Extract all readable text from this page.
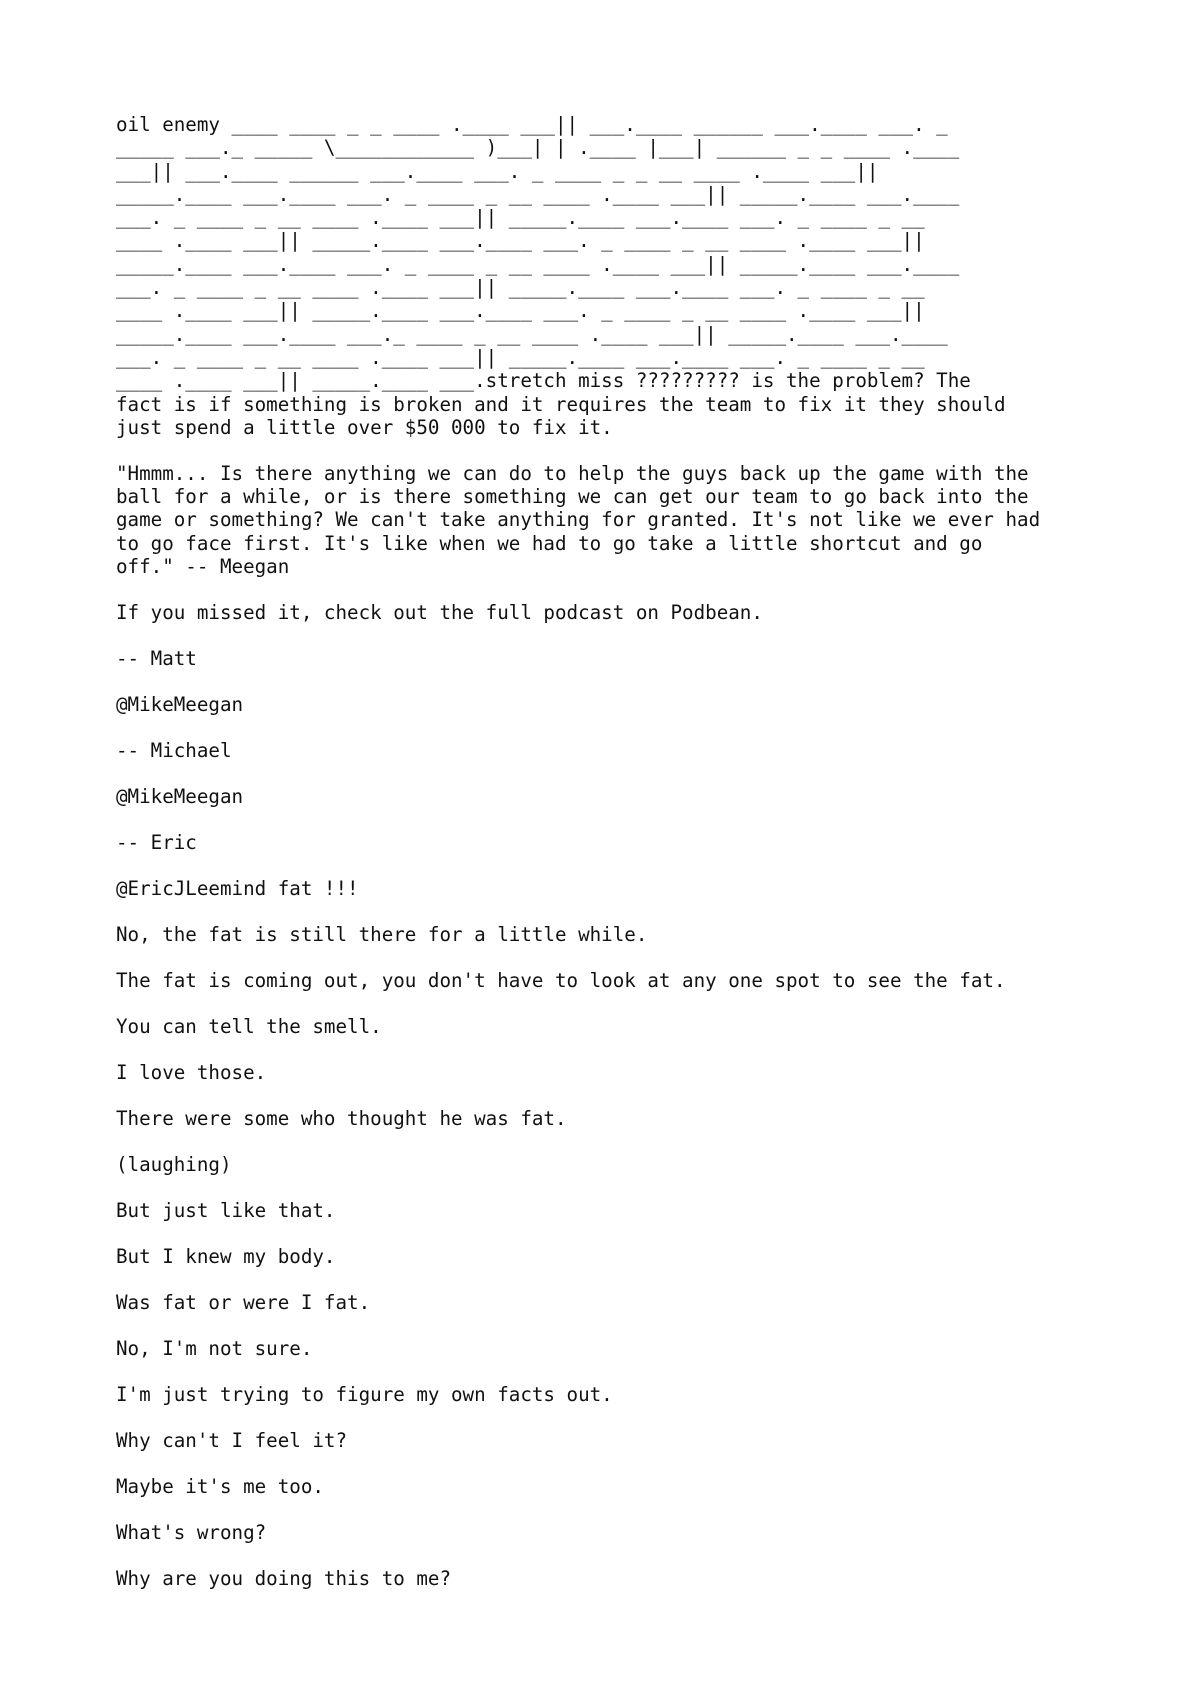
oil enemy ____ ____ _ _ ____ .____ ___|| ___.____ ______ ___.____ ___. _
_____ ___._ _____ \____________ )___| | .____ |___| ______ _ _ ____ .____
___|| ___.____ ______ ___.____ ___. _ ____ _ _ __ ____ .____ ___||
_____.____ ___.____ ___. _ ____ _ __ ____ .____ ___|| _____.____ ___.____
___. _ ____ _ __ ____ .____ ___|| _____.____ ___.____ ___. _ ____ _ __
____ .____ ___|| _____.____ ___.____ ___. _ ____ _ __ ____ .____ ___||
_____.____ ___.____ ___. _ ____ _ __ ____ .____ ___|| _____.____ ___.____
___. _ ____ _ __ ____ .____ ___|| _____.____ ___.____ ___. _ ____ _ __
____ .____ ___|| _____.____ ___.____ ___. _ ____ _ __ ____ .____ ___||
_____.____ ___.____ ___._ ____ _ __ ____ .____ ___|| _____.____ ___.____
___. _ ____ _ __ ____ .____ ___|| _____.____ ___.____ ___. _ ____ _ __
____ .____ ___|| _____.____ ___.stretch miss ????????? is the problem? The
fact is if something is broken and it requires the team to fix it they should
just spend a little over $50 000 to fix it.

"Hmmm... Is there anything we can do to help the guys back up the game with the
ball for a while, or is there something we can get our team to go back into the
game or something? We can't take anything for granted. It's not like we ever had
to go face first. It's like when we had to go take a little shortcut and go
off." -- Meegan

If you missed it, check out the full podcast on Podbean.

-- Matt

@MikeMeegan

-- Michael

@MikeMeegan

-- Eric

@EricJLeemind fat !!!

No, the fat is still there for a little while.

The fat is coming out, you don't have to look at any one spot to see the fat.

You can tell the smell.

I love those.

There were some who thought he was fat.

(laughing)

But just like that.

But I knew my body.

Was fat or were I fat.

No, I'm not sure.

I'm just trying to figure my own facts out.

Why can't I feel it?

Maybe it's me too.

What's wrong?

Why are you doing this to me?
